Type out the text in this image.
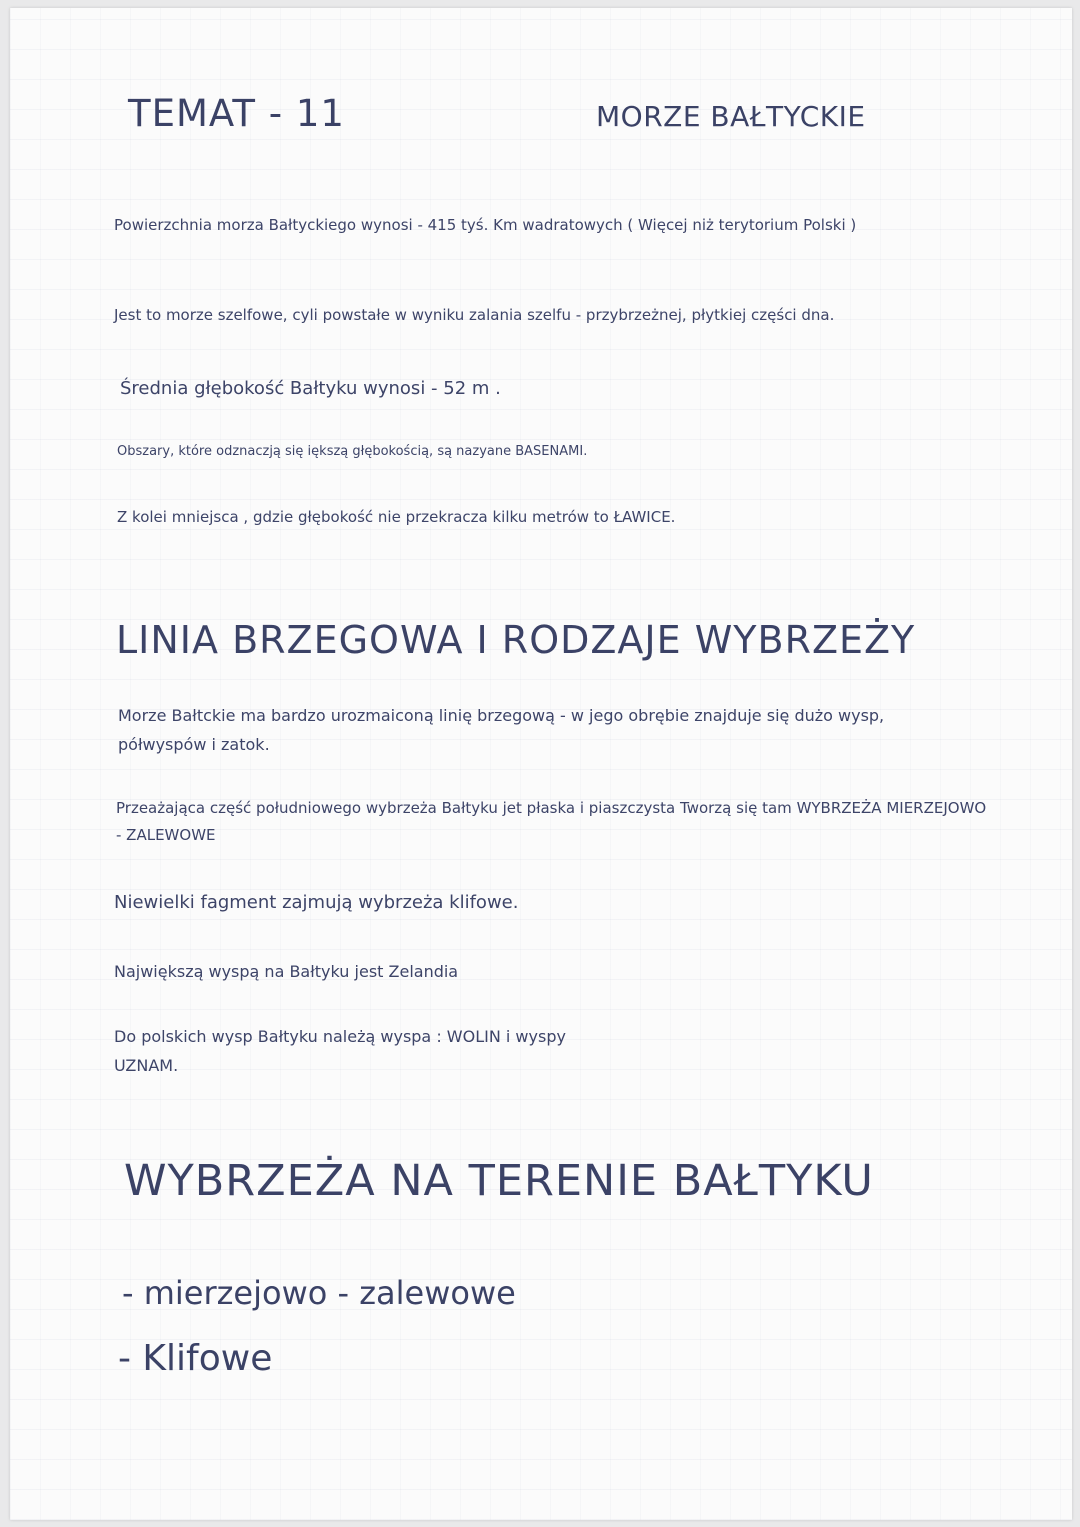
TEMAT - 11	MORZE BAŁTYCKIE
Powierzchnia morza Bałtyckiego wynosi - 415 tyś. Km wadratowych ( Więcej niż terytorium Polski )
Jest to morze szelfowe, cyli powstałe w wyniku zalania szelfu - przybrzeżnej, płytkiej części dna.
Średnia głębokość Bałtyku wynosi - 52 m .
Obszary, które odznaczją się iększą głębokością, są nazyane BASENAMI.
Z kolei mniejsca , gdzie głębokość nie przekracza kilku metrów to ŁAWICE.
LINIA BRZEGOWA I RODZAJE WYBRZEŻY
Morze Bałtckie ma bardzo urozmaiconą linię brzegową - w jego obrębie znajduje się dużo wysp, półwyspów i zatok.
Przeażająca część południowego wybrzeża Bałtyku jet płaska i piaszczysta Tworzą się tam WYBRZEŻA MIERZEJOWO - ZALEWOWE
Niewielki fagment zajmują wybrzeża klifowe.
Największą wyspą na Bałtyku jest Zelandia
Do polskich wysp Bałtyku należą wyspa : WOLIN i wyspy UZNAM.
WYBRZEŻA NA TERENIE BAŁTYKU
- mierzejowo - zalewowe
- Klifowe
